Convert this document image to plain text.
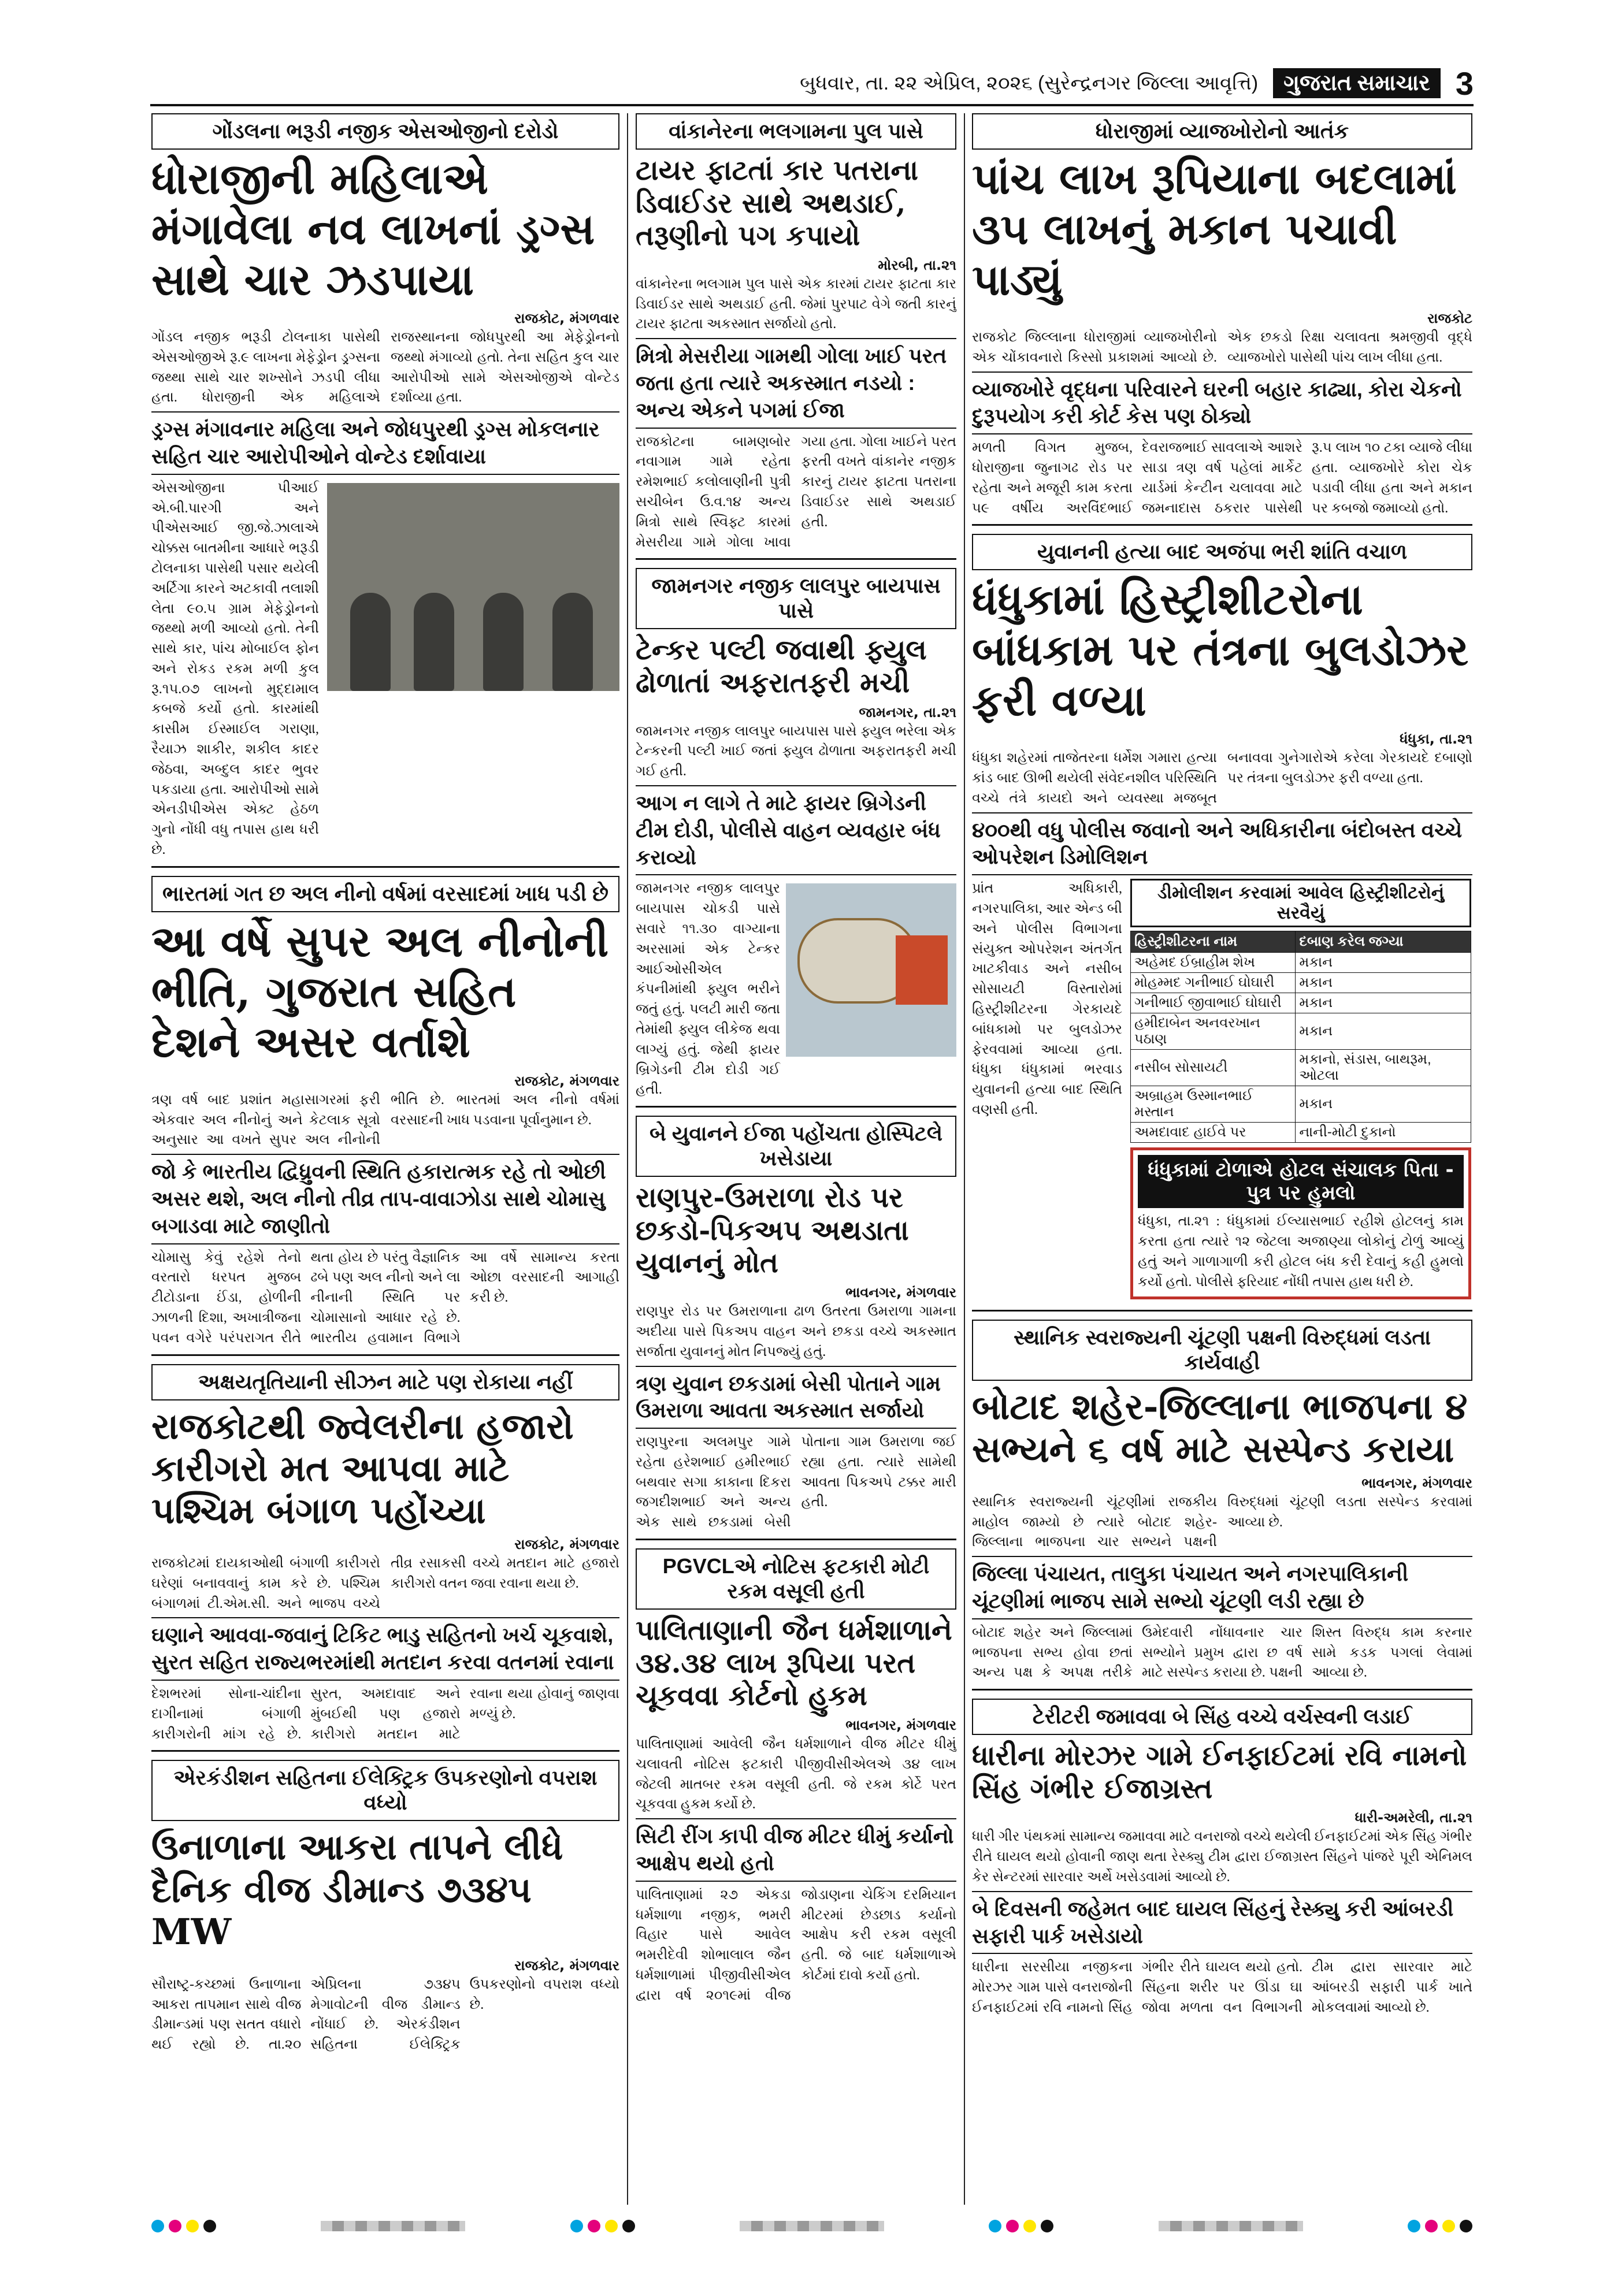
બુધવાર, તા. ૨૨ એપ્રિલ, ૨૦૨૬ (સુરેન્દ્રનગર જિલ્લા આવૃત્તિ)	ગુજરાત સમાચાર 3
ગોંડલના ભરૂડી નજીક એસઓજીનો દરોડો
ધોરાજીની મહિલાએ મંગાવેલા નવ લાખનાં ડ્રગ્સ સાથે ચાર ઝડપાયા
રાજકોટ, મંગળવાર
ગોંડલ નજીક ભરૂડી ટોલનાકા પાસેથી એસઓજીએ રૂ.૯ લાખના મેફેડ્રોન ડ્રગ્સના જથ્થા સાથે ચાર શખ્સોને ઝડપી લીધા હતા. ધોરાજીની એક મહિલાએ રાજસ્થાનના જોધપુરથી આ મેફેડ્રોનનો જથ્થો મંગાવ્યો હતો. તેના સહિત કુલ ચાર આરોપીઓ સામે એસઓજીએ વોન્ટેડ દર્શાવ્યા હતા.
ડ્રગ્સ મંગાવનાર મહિલા અને જોધપુરથી ડ્રગ્સ મોકલનાર સહિત ચાર આરોપીઓને વોન્ટેડ દર્શાવાયા
એસઓજીના પીઆઈ એ.બી.પારગી અને પીએસઆઈ જી.જે.ઝાલાએ ચોક્કસ બાતમીના આધારે ભરૂડી ટોલનાકા પાસેથી પસાર થયેલી અર્ટિગા કારને અટકાવી તલાશી લેતા ૯૦.૫ ગ્રામ મેફેડ્રોનનો જથ્થો મળી આવ્યો હતો. તેની સાથે કાર, પાંચ મોબાઈલ ફોન અને રોકડ રકમ મળી કુલ રૂ.૧૫.૦૭ લાખનો મુદ્દામાલ કબજે કર્યો હતો. કારમાંથી કાસીમ ઈસ્માઈલ ગરાણા, રૈયાઝ શાકીર, શકીલ કાદર જેઠવા, અબ્દુલ કાદર ભુવર પકડાયા હતા. આરોપીઓ સામે એનડીપીએસ એક્ટ હેઠળ ગુનો નોંધી વધુ તપાસ હાથ ધરી છે.
ભારતમાં ગત છ અલ નીનો વર્ષમાં વરસાદમાં ખાધ પડી છે
આ વર્ષે સુપર અલ નીનોની ભીતિ, ગુજરાત સહિત દેશને અસર વર્તાશે
રાજકોટ, મંગળવાર
ત્રણ વર્ષ બાદ પ્રશાંત મહાસાગરમાં ફરી એકવાર અલ નીનોનું અને કેટલાક સૂત્રો અનુસાર આ વખતે સુપર અલ નીનોની ભીતિ છે. ભારતમાં અલ નીનો વર્ષમાં વરસાદની ખાધ પડવાના પૂર્વાનુમાન છે.
જો કે ભારતીય દ્વિધ્રુવની સ્થિતિ હકારાત્મક રહે તો ઓછી અસર થશે, અલ નીનો તીવ્ર તાપ-વાવાઝોડા સાથે ચોમાસુ બગાડવા માટે જાણીતો
ચોમાસુ કેવું રહેશે તેનો વરતારો ધરપત મુજબ ટીટોડાના ઈંડા, હોળીની ઝાળની દિશા, અખાત્રીજના પવન વગેરે પરંપરાગત રીતે થતા હોય છે પરંતુ વૈજ્ઞાનિક ઢબે પણ અલ નીનો અને લા નીનાની સ્થિતિ પર ચોમાસાનો આધાર રહે છે. ભારતીય હવામાન વિભાગે આ વર્ષે સામાન્ય કરતા ઓછા વરસાદની આગાહી કરી છે.
અક્ષયતૃતિયાની સીઝન માટે પણ રોકાયા નહીં
રાજકોટથી જ્વેલરીના હજારો કારીગરો મત આપવા માટે પશ્ચિમ બંગાળ પહોંચ્યા
રાજકોટ, મંગળવાર
રાજકોટમાં દાયકાઓથી બંગાળી કારીગરો ઘરેણાં બનાવવાનું કામ કરે છે. પશ્ચિમ બંગાળમાં ટી.એમ.સી. અને ભાજપ વચ્ચે તીવ્ર રસાકસી વચ્ચે મતદાન માટે હજારો કારીગરો વતન જવા રવાના થયા છે.
ઘણાને આવવા-જવાનું ટિકિટ ભાડુ સહિતનો ખર્ચ ચૂકવાશે, સુરત સહિત રાજ્યભરમાંથી મતદાન કરવા વતનમાં રવાના
દેશભરમાં સોના-ચાંદીના દાગીનામાં બંગાળી કારીગરોની માંગ રહે છે. સુરત, અમદાવાદ અને મુંબઈથી પણ હજારો કારીગરો મતદાન માટે રવાના થયા હોવાનું જાણવા મળ્યું છે.
એરકંડીશન સહિતના ઈલેક્ટ્રિક ઉપકરણોનો વપરાશ વધ્યો
ઉનાળાના આકરા તાપને લીધે દૈનિક વીજ ડીમાન્ડ ૭૩૪૫ MW
રાજકોટ, મંગળવાર
સૌરાષ્ટ્ર-કચ્છમાં ઉનાળાના આકરા તાપમાન સાથે વીજ ડીમાન્ડમાં પણ સતત વધારો થઈ રહ્યો છે. તા.૨૦ એપ્રિલના ૭૩૪૫ મેગાવોટની વીજ ડીમાન્ડ નોંધાઈ છે. એરકંડીશન સહિતના ઈલેક્ટ્રિક ઉપકરણોનો વપરાશ વધ્યો છે.
વાંકાનેરના ભલગામના પુલ પાસે
ટાયર ફાટતાં કાર પતરાના ડિવાઈડર સાથે અથડાઈ, તરૂણીનો પગ કપાયો
મોરબી, તા.૨૧
વાંકાનેરના ભલગામ પુલ પાસે એક કારમાં ટાયર ફાટતા કાર ડિવાઈડર સાથે અથડાઈ હતી. જેમાં પુરપાટ વેગે જતી કારનું ટાયર ફાટતા અકસ્માત સર્જાયો હતો.
મિત્રો મેસરીયા ગામથી ગોલા ખાઈ પરત જતા હતા ત્યારે અકસ્માત નડયો : અન્ય એકને પગમાં ઈજા
રાજકોટના બામણબોર નવાગામ ગામે રહેતા રમેશભાઈ કલોલાણીની પુત્રી સચીબેન ઉ.વ.૧૪ અન્ય મિત્રો સાથે સ્વિફ્ટ કારમાં મેસરીયા ગામે ગોલા ખાવા ગયા હતા. ગોલા ખાઈને પરત ફરતી વખતે વાંકાનેર નજીક કારનું ટાયર ફાટતા પતરાના ડિવાઈડર સાથે અથડાઈ હતી.
જામનગર નજીક લાલપુર બાયપાસ પાસે
ટેન્કર પલ્ટી જવાથી ફ્યુલ ઢોળાતાં અફરાતફરી મચી
જામનગર, તા.૨૧
જામનગર નજીક લાલપુર બાયપાસ પાસે ફ્યુલ ભરેલા એક ટેન્કરની પલ્ટી ખાઈ જતાં ફ્યુલ ઢોળાતા અફરાતફરી મચી ગઈ હતી.
આગ ન લાગે તે માટે ફાયર બ્રિગેડની ટીમ દોડી, પોલીસે વાહન વ્યવહાર બંધ કરાવ્યો
જામનગર નજીક લાલપુર બાયપાસ ચોકડી પાસે સવારે ૧૧.૩૦ વાગ્યાના અરસામાં એક ટેન્કર આઈઓસીએલ કંપનીમાંથી ફ્યુલ ભરીને જતું હતું. પલટી મારી જતા તેમાંથી ફ્યુલ લીકેજ થવા લાગ્યું હતું. જેથી ફાયર બ્રિગેડની ટીમ દોડી ગઈ હતી.
બે યુવાનને ઈજા પહોંચતા હોસ્પિટલે ખસેડાયા
રાણપુર-ઉમરાળા રોડ પર છકડો-પિકઅપ અથડાતા યુવાનનું મોત
ભાવનગર, મંગળવાર
રાણપુર રોડ પર ઉમરાળાના ઢાળ ઉતરતા ઉમરાળા ગામના અદીયા પાસે પિકઅપ વાહન અને છકડા વચ્ચે અકસ્માત સર્જાતા યુવાનનું મોત નિપજ્યું હતું.
ત્રણ યુવાન છકડામાં બેસી પોતાને ગામ ઉમરાળા આવતા અકસ્માત સર્જાયો
રાણપુરના અલમપુર ગામે રહેતા હરેશભાઈ હમીરભાઈ બથવાર સગા કાકાના દિકરા જગદીશભાઈ અને અન્ય એક સાથે છકડામાં બેસી પોતાના ગામ ઉમરાળા જઈ રહ્યા હતા. ત્યારે સામેથી આવતા પિકઅપે ટક્કર મારી હતી.
PGVCLએ નોટિસ ફટકારી મોટી રકમ વસૂલી હતી
પાલિતાણાની જૈન ધર્મશાળાને ૩૪.૩૪ લાખ રૂપિયા પરત ચૂકવવા કોર્ટનો હુકમ
ભાવનગર, મંગળવાર
પાલિતાણામાં આવેલી જૈન ધર્મશાળાને વીજ મીટર ધીમું ચલાવતી નોટિસ ફટકારી પીજીવીસીએલએ ૩૪ લાખ જેટલી માતબર રકમ વસૂલી હતી. જે રકમ કોર્ટે પરત ચૂકવવા હુકમ કર્યો છે.
સિટી રીંગ કાપી વીજ મીટર ધીમું કર્યાનો આક્ષેપ થયો હતો
પાલિતાણામાં ૨૭ એકડા ધર્મશાળા નજીક, ભમરી વિહાર પાસે આવેલ ભમરીદેવી શોભાલાલ જૈન ધર્મશાળામાં પીજીવીસીએલ દ્વારા વર્ષ ૨૦૧૯માં વીજ જોડાણના ચેકિંગ દરમિયાન મીટરમાં છેડછાડ કર્યાનો આક્ષેપ કરી રકમ વસૂલી હતી. જે બાદ ધર્મશાળાએ કોર્ટમાં દાવો કર્યો હતો.
ધોરાજીમાં વ્યાજખોરોનો આતંક
પાંચ લાખ રૂપિયાના બદલામાં ૩૫ લાખનું મકાન પચાવી પાડ્યું
રાજકોટ
રાજકોટ જિલ્લાના ધોરાજીમાં વ્યાજખોરીનો એક ચોંકાવનારો કિસ્સો પ્રકાશમાં આવ્યો છે. એક છકડો રિક્ષા ચલાવતા શ્રમજીવી વૃદ્ધે વ્યાજખોરો પાસેથી પાંચ લાખ લીધા હતા.
વ્યાજખોરે વૃદ્ધના પરિવારને ઘરની બહાર કાઢ્યા, કોરા ચેકનો દુરૂપયોગ કરી કોર્ટ કેસ પણ ઠોક્યો
મળતી વિગત મુજબ, ધોરાજીના જુનાગઢ રોડ પર રહેતા અને મજૂરી કામ કરતા ૫૯ વર્ષીય અરવિંદભાઈ દેવરાજભાઈ સાવલાએ આશરે સાડા ત્રણ વર્ષ પહેલાં માર્કેટ યાર્ડમાં કેન્ટીન ચલાવવા માટે જમનાદાસ ઠકરાર પાસેથી રૂ.૫ લાખ ૧૦ ટકા વ્યાજે લીધા હતા. વ્યાજખોરે કોરા ચેક પડાવી લીધા હતા અને મકાન પર કબજો જમાવ્યો હતો.
યુવાનની હત્યા બાદ અજંપા ભરી શાંતિ વચાળ
ધંધુકામાં હિસ્ટ્રીશીટરોના બાંધકામ પર તંત્રના બુલડોઝર ફરી વળ્યા
ધંધુકા, તા.૨૧
ધંધુકા શહેરમાં તાજેતરના ધર્મેશ ગમારા હત્યા કાંડ બાદ ઊભી થયેલી સંવેદનશીલ પરિસ્થિતિ વચ્ચે તંત્રે કાયદો અને વ્યવસ્થા મજબૂત બનાવવા ગુનેગારોએ કરેલા ગેરકાયદે દબાણો પર તંત્રના બુલડોઝર ફરી વળ્યા હતા.
૪૦૦થી વધુ પોલીસ જવાનો અને અધિકારીના બંદોબસ્ત વચ્ચે ઓપરેશન ડિમોલિશન
પ્રાંત અધિકારી, નગરપાલિકા, આર એન્ડ બી અને પોલીસ વિભાગના સંયુક્ત ઓપરેશન અંતર્ગત ખાટકીવાડ અને નસીબ સોસાયટી વિસ્તારોમાં હિસ્ટ્રીશીટરના ગેરકાયદે બાંધકામો પર બુલડોઝર ફેરવવામાં આવ્યા હતા. ધંધુકા ધંધુકામાં ભરવાડ યુવાનની હત્યા બાદ સ્થિતિ વણસી હતી.
ડીમોલીશન કરવામાં આવેલ હિસ્ટ્રીશીટરોનું સરવૈયું
હિસ્ટ્રીશીટરના નામ	દબાણ કરેલ જગ્યા
અહેમદ ઈબ્રાહીમ શેખ	મકાન
મોહમ્મદ ગનીભાઈ ઘોઘારી	મકાન
ગનીભાઈ જીવાભાઈ ઘોઘારી	મકાન
હમીદાબેન અનવરખાન પઠાણ	મકાન
નસીબ સોસાયટી	મકાનો, સંડાસ, બાથરૂમ, ઓટલા
અબ્રાહમ ઉસ્માનભાઈ મસ્તાન	મકાન
અમદાવાદ હાઈવે પર	નાની-મોટી દુકાનો
ધંધુકામાં ટોળાએ હોટલ સંચાલક પિતા - પુત્ર પર હુમલો
ધંધુકા, તા.૨૧ : ધંધુકામાં ઈલ્યાસભાઈ રહીશે હોટલનું કામ કરતા હતા ત્યારે ૧૨ જેટલા અજાણ્યા લોકોનું ટોળું આવ્યું હતું અને ગાળાગાળી કરી હોટલ બંધ કરી દેવાનું કહી હુમલો કર્યો હતો. પોલીસે ફરિયાદ નોંધી તપાસ હાથ ધરી છે.
સ્થાનિક સ્વરાજ્યની ચૂંટણી પક્ષની વિરુદ્ધમાં લડતા કાર્યવાહી
બોટાદ શહેર-જિલ્લાના ભાજપના ૪ સભ્યને ૬ વર્ષ માટે સસ્પેન્ડ કરાયા
ભાવનગર, મંગળવાર
સ્થાનિક સ્વરાજ્યની ચૂંટણીમાં રાજકીય માહોલ જામ્યો છે ત્યારે બોટાદ શહેર-જિલ્લાના ભાજપના ચાર સભ્યને પક્ષની વિરુદ્ધમાં ચૂંટણી લડતા સસ્પેન્ડ કરવામાં આવ્યા છે.
જિલ્લા પંચાયત, તાલુકા પંચાયત અને નગરપાલિકાની ચૂંટણીમાં ભાજપ સામે સભ્યો ચૂંટણી લડી રહ્યા છે
બોટાદ શહેર અને જિલ્લામાં ભાજપના સભ્ય હોવા છતાં અન્ય પક્ષ કે અપક્ષ તરીકે ઉમેદવારી નોંધાવનાર ચાર સભ્યોને પ્રમુખ દ્વારા છ વર્ષ માટે સસ્પેન્ડ કરાયા છે. પક્ષની શિસ્ત વિરુદ્ધ કામ કરનાર સામે કડક પગલાં લેવામાં આવ્યા છે.
ટેરીટરી જમાવવા બે સિંહ વચ્ચે વર્ચસ્વની લડાઈ
ધારીના મોરઝર ગામે ઈનફાઈટમાં રવિ નામનો સિંહ ગંભીર ઈજાગ્રસ્ત
ધારી-અમરેલી, તા.૨૧
ધારી ગીર પંથકમાં સામાન્ય જમાવવા માટે વનરાજો વચ્ચે થયેલી ઈનફાઈટમાં એક સિંહ ગંભીર રીતે ઘાયલ થયો હોવાની જાણ થતા રેસ્ક્યુ ટીમ દ્વારા ઈજાગ્રસ્ત સિંહને પાંજરે પૂરી એનિમલ કેર સેન્ટરમાં સારવાર અર્થે ખસેડવામાં આવ્યો છે.
બે દિવસની જહેમત બાદ ઘાયલ સિંહનું રેસ્ક્યુ કરી આંબરડી સફારી પાર્ક ખસેડાયો
ધારીના સરસીયા નજીકના મોરઝર ગામ પાસે વનરાજોની ઈનફાઈટમાં રવિ નામનો સિંહ ગંભીર રીતે ઘાયલ થયો હતો. સિંહના શરીર પર ઊંડા ઘા જોવા મળતા વન વિભાગની ટીમ દ્વારા સારવાર માટે આંબરડી સફારી પાર્ક ખાતે મોકલવામાં આવ્યો છે.
